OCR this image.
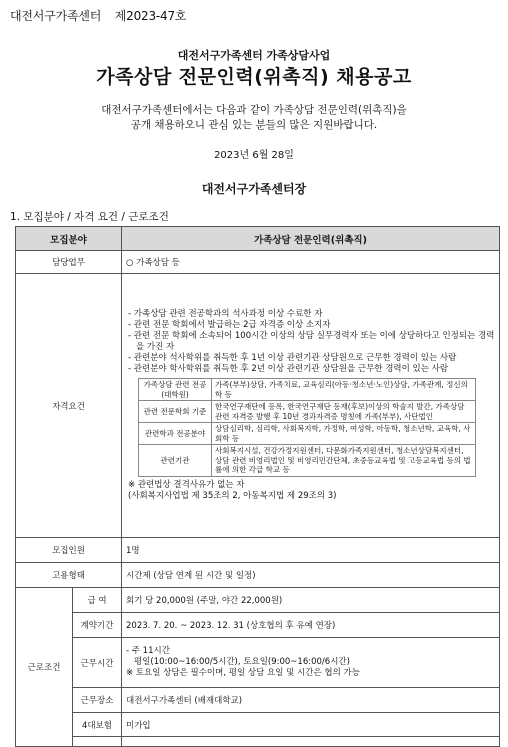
대전서구가족센터 제2023-47호
대전서구가족센터 가족상담사업
가족상담 전문인력(위촉직) 채용공고
대전서구가족센터에서는 다음과 같이 가족상담 전문인력(위촉직)을
공개 채용하오니 관심 있는 분들의 많은 지원바랍니다.
2023년 6월 28일
대전서구가족센터장
1. 모집분야 / 자격 요건 / 근로조건
모집분야	가족상담 전문인력(위촉직)
담당업무	○ 가족상담 등
자격요건	
- 가족상담 관련 전공학과의 석사과정 이상 수료한 자
- 관련 전문 학회에서 발급하는 2급 자격증 이상 소지자
- 관련 전문 학회에 소속되어 100시간 이상의 상담 실무경력자 또는 이에 상당하다고 인정되는 경력을 가진 자
- 관련분야 석사학위를 취득한 후 1년 이상 관련기관 상담원으로 근무한 경력이 있는 사람
- 관련분야 학사학위를 취득한 후 2년 이상 관련기관 상담원을 근무한 경력이 있는 사람
가족상담 관련 전공(대학원)	가족(부부)상담, 가족치료, 교육심리(아동·청소년·노인)상담, 가족관계, 정신의학 등
관련 전문학회 기준	한국연구재단에 등록, 한국연구재단 등재(후보)이상의 학술지 발간, 가족상담 관련 자격증 발행 후 10년 경과자격증 명칭에 가족(부부), 사단법인
관련학과 전공분야	상담심리학, 심리학, 사회복지학, 가정학, 여성학, 아동학, 청소년학, 교육학, 사회학 등
관련기관	사회복지시설, 건강가정지원센터, 다문화가족지원센터, 청소년상담복지센터, 상담 관련 비영리법인 및 비영리민간단체, 초중등교육법 및 고등교육법 등의 법률에 의한 각급 학교 등
※ 관련법상 결격사유가 없는 자
(사회복지사업법 제 35조의 2, 아동복지법 제 29조의 3)

모집인원	1명
고용형태	시간제 (상담 연계 된 시간 및 일정)
근로조건	급 여	회기 당 20,000원 (주말, 야간 22,000원)
계약기간	2023. 7. 20. ~ 2023. 12. 31 (상호협의 후 유예 연장)
근무시간	
- 주 11시간
평일(10:00~16:00/5시간), 토요일(9:00~16:00/6시간)
※ 토요일 상담은 필수이며, 평일 상담 요일 및 시간은 협의 가능

근무장소	대전서구가족센터 (배재대학교)
4대보험	미가입
